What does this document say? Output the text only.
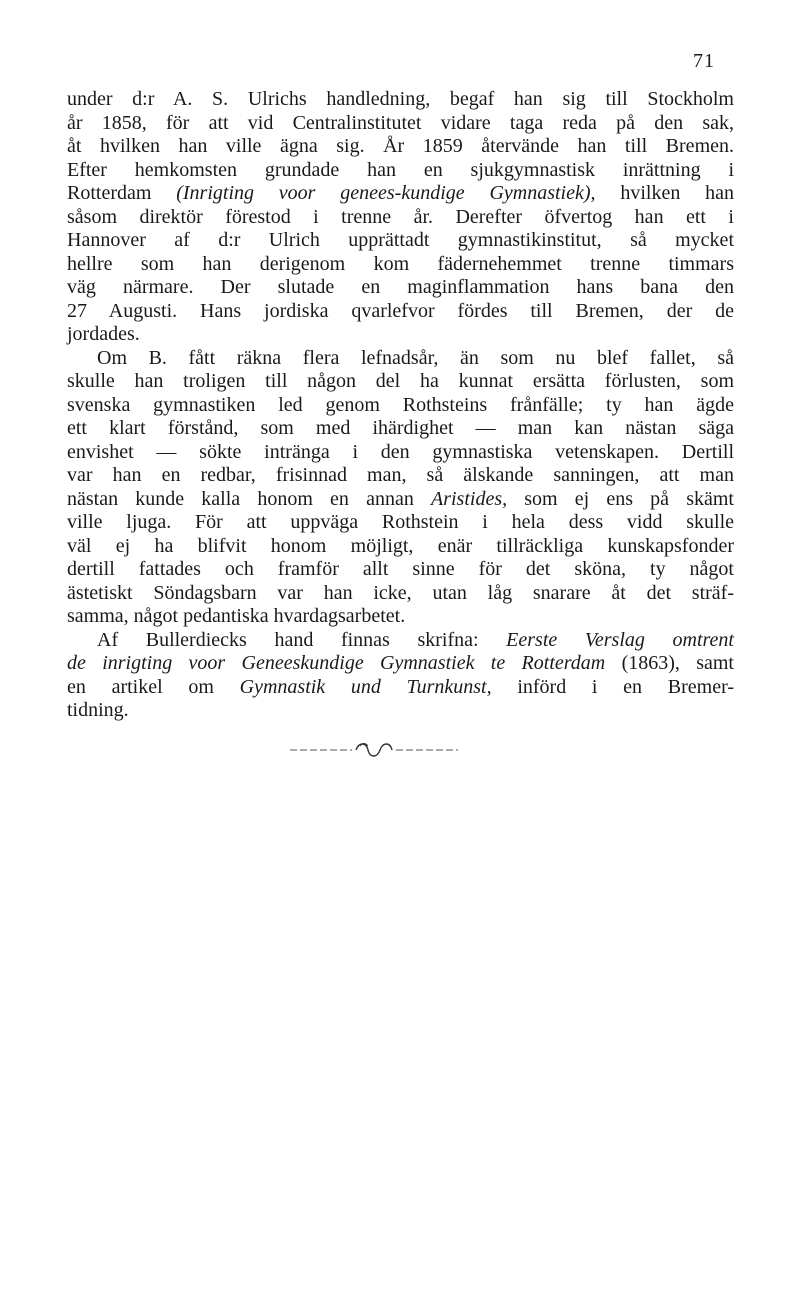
71
under d:r A. S. Ulrichs handledning, begaf han sig till Stockholm
år 1858, för att vid Centralinstitutet vidare taga reda på den sak,
åt hvilken han ville ägna sig. År 1859 återvände han till Bremen.
Efter hemkomsten grundade han en sjukgymnastisk inrättning i
Rotterdam (Inrigting voor genees-kundige Gymnastiek), hvilken han
såsom direktör förestod i trenne år. Derefter öfvertog han ett i
Hannover af d:r Ulrich upprättadt gymnastikinstitut, så mycket
hellre som han derigenom kom fädernehemmet trenne timmars
väg närmare. Der slutade en maginflammation hans bana den
27 Augusti. Hans jordiska qvarlefvor fördes till Bremen, der de
jordades.
Om B. fått räkna flera lefnadsår, än som nu blef fallet, så
skulle han troligen till någon del ha kunnat ersätta förlusten, som
svenska gymnastiken led genom Rothsteins frånfälle; ty han ägde
ett klart förstånd, som med ihärdighet — man kan nästan säga
envishet — sökte intränga i den gymnastiska vetenskapen. Dertill
var han en redbar, frisinnad man, så älskande sanningen, att man
nästan kunde kalla honom en annan Aristides, som ej ens på skämt
ville ljuga. För att uppväga Rothstein i hela dess vidd skulle
väl ej ha blifvit honom möjligt, enär tillräckliga kunskapsfonder
dertill fattades och framför allt sinne för det sköna, ty något
ästetiskt Söndagsbarn var han icke, utan låg snarare åt det sträf-
samma, något pedantiska hvardagsarbetet.
Af Bullerdiecks hand finnas skrifna: Eerste Verslag omtrent
de inrigting voor Geneeskundige Gymnastiek te Rotterdam (1863), samt
en artikel om Gymnastik und Turnkunst, införd i en Bremer-
tidning.
